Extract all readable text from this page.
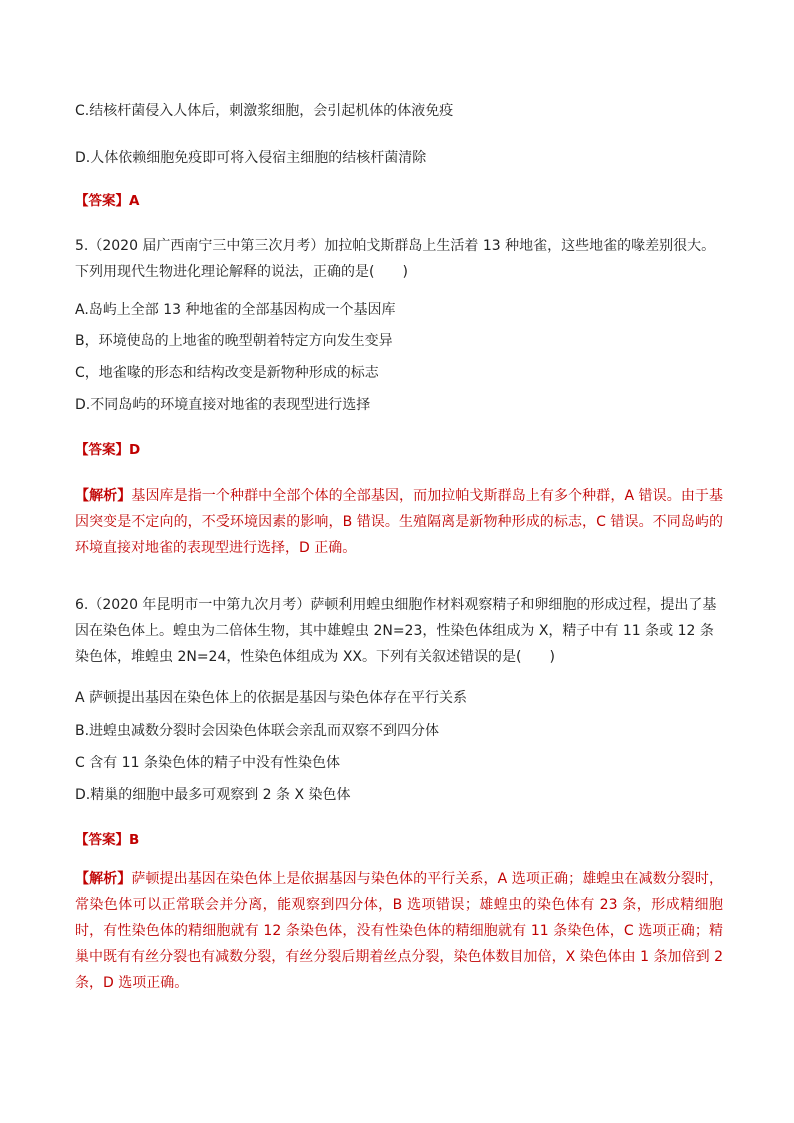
C.结核杆菌侵入人体后，刺激浆细胞，会引起机体的体液免疫
D.人体依赖细胞免疫即可将入侵宿主细胞的结核杆菌清除
【答案】A
5.（2020 届广西南宁三中第三次月考）加拉帕戈斯群岛上生活着 13 种地雀，这些地雀的喙差别很大。下列用现代生物进化理论解释的说法，正确的是(　　)
A.岛屿上全部 13 种地雀的全部基因构成一个基因库
B，环境使岛的上地雀的晚型朝着特定方向发生变异
C，地雀喙的形态和结构改变是新物种形成的标志
D.不同岛屿的环境直接对地雀的表现型进行选择
【答案】D
【解析】基因库是指一个种群中全部个体的全部基因，而加拉帕戈斯群岛上有多个种群，A 错误。由于基因突变是不定向的，不受环境因素的影响，B 错误。生殖隔离是新物种形成的标志，C 错误。不同岛屿的环境直接对地雀的表现型进行选择，D 正确。
6.（2020 年昆明市一中第九次月考）萨顿利用蝗虫细胞作材料观察精子和卵细胞的形成过程，提出了基因在染色体上。蝗虫为二倍体生物，其中雄蝗虫 2N=23，性染色体组成为 X，精子中有 11 条或 12 条染色体，堆蝗虫 2N=24，性染色体组成为 XX。下列有关叙述错误的是(　　)
A 萨顿提出基因在染色体上的依据是基因与染色体存在平行关系
B.进蝗虫减数分裂时会因染色体联会亲乱而双察不到四分体
C 含有 11 条染色体的精子中没有性染色体
D.精巢的细胞中最多可观察到 2 条 X 染色体
【答案】B
【解析】萨顿提出基因在染色体上是依据基因与染色体的平行关系，A 选项正确；雄蝗虫在减数分裂时，常染色体可以正常联会并分离，能观察到四分体，B 选项错误；雄蝗虫的染色体有 23 条，形成精细胞时，有性染色体的精细胞就有 12 条染色体，没有性染色体的精细胞就有 11 条染色体，C 选项正确；精巢中既有有丝分裂也有减数分裂，有丝分裂后期着丝点分裂，染色体数目加倍，X 染色体由 1 条加倍到 2 条，D 选项正确。
